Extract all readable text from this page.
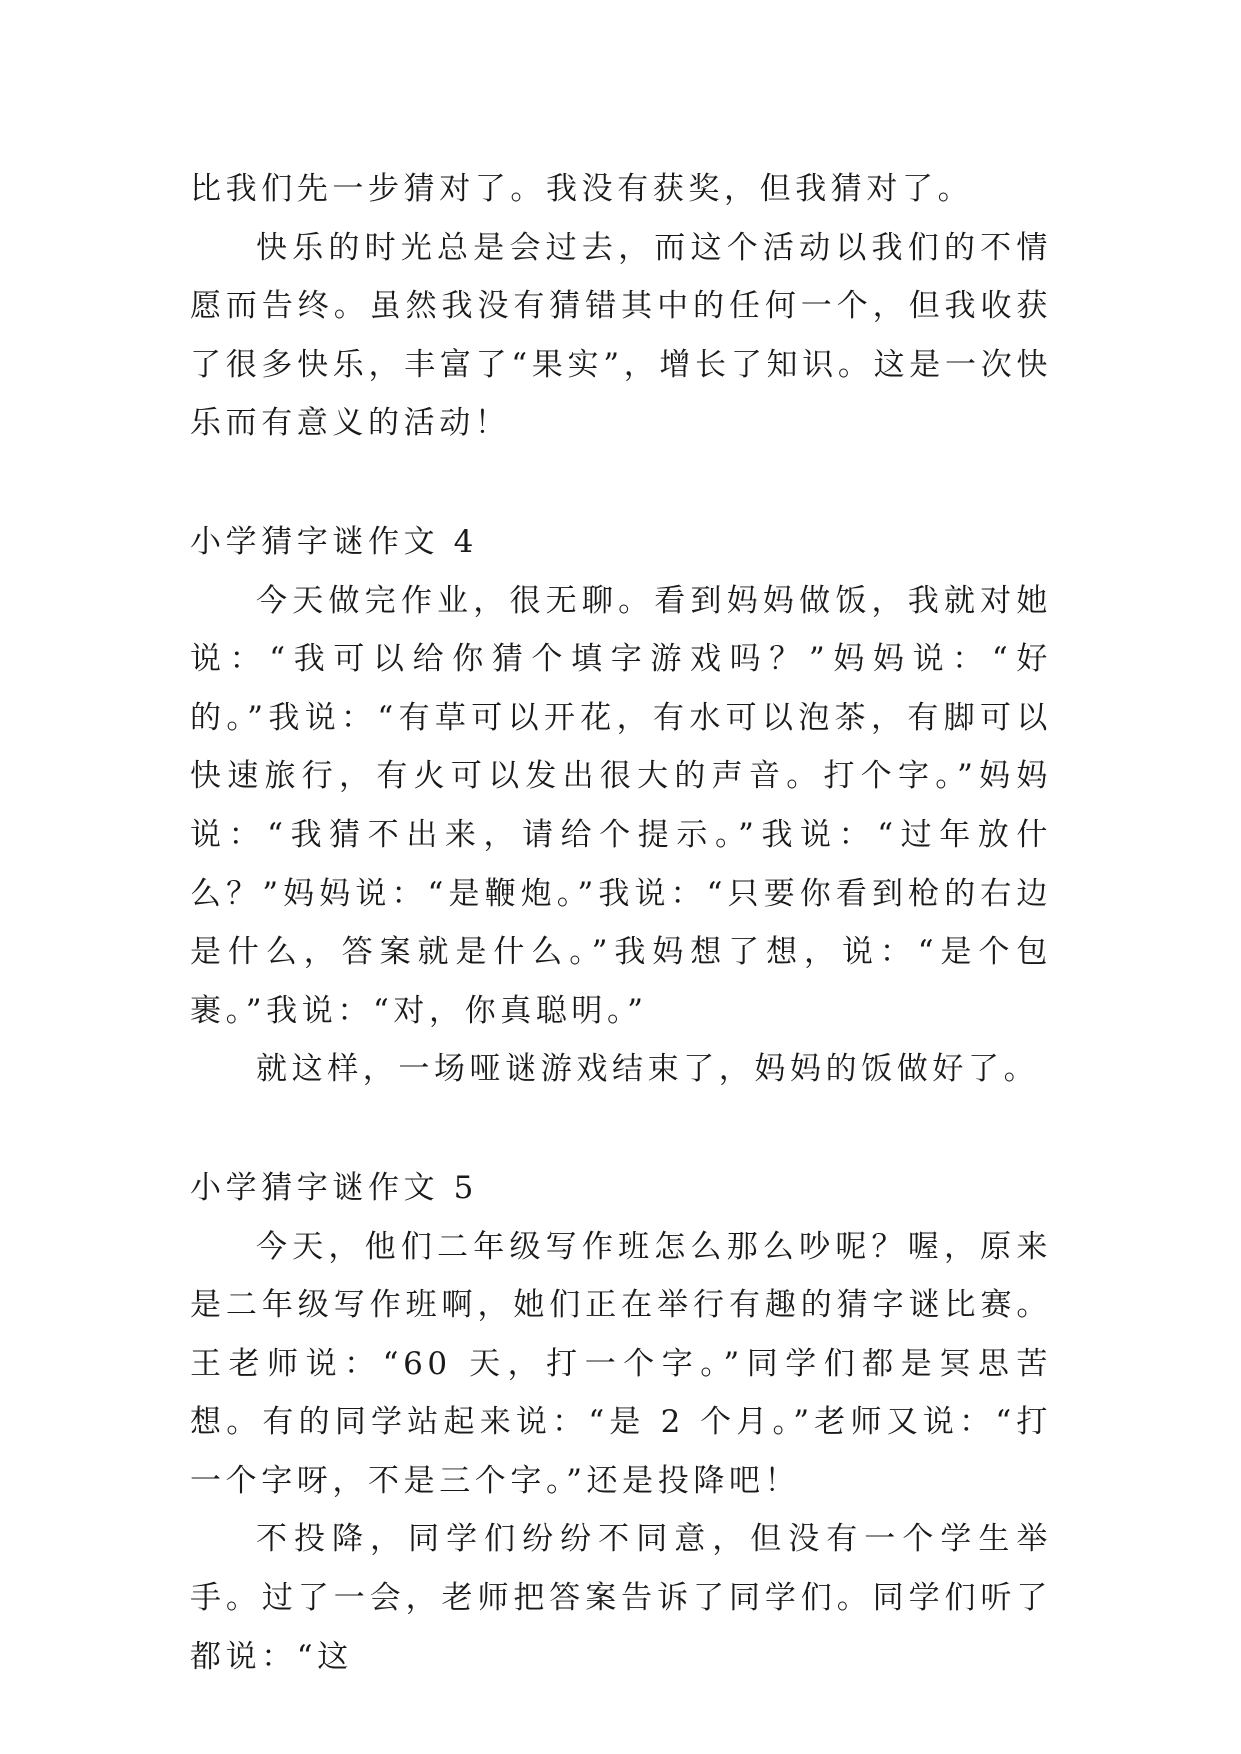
比我们先一步猜对了。我没有获奖，但我猜对了。

快乐的时光总是会过去，而这个活动以我们的不情愿而告终。虽然我没有猜错其中的任何一个，但我收获了很多快乐，丰富了“果实”，增长了知识。这是一次快乐而有意义的活动！

小学猜字谜作文 4

今天做完作业，很无聊。看到妈妈做饭，我就对她说：“我可以给你猜个填字游戏吗？”妈妈说：“好的。”我说：“有草可以开花，有水可以泡茶，有脚可以快速旅行，有火可以发出很大的声音。打个字。”妈妈说：“我猜不出来，请给个提示。”我说：“过年放什么？”妈妈说：“是鞭炮。”我说：“只要你看到枪的右边是什么，答案就是什么。”我妈想了想，说：“是个包裹。”我说：“对，你真聪明。”

就这样，一场哑谜游戏结束了，妈妈的饭做好了。

小学猜字谜作文 5

今天，他们二年级写作班怎么那么吵呢？喔，原来是二年级写作班啊，她们正在举行有趣的猜字谜比赛。王老师说：“60 天，打一个字。”同学们都是冥思苦想。有的同学站起来说：“是 2 个月。”老师又说：“打一个字呀，不是三个字。”还是投降吧！

不投降，同学们纷纷不同意，但没有一个学生举手。过了一会，老师把答案告诉了同学们。同学们听了都说：“这
